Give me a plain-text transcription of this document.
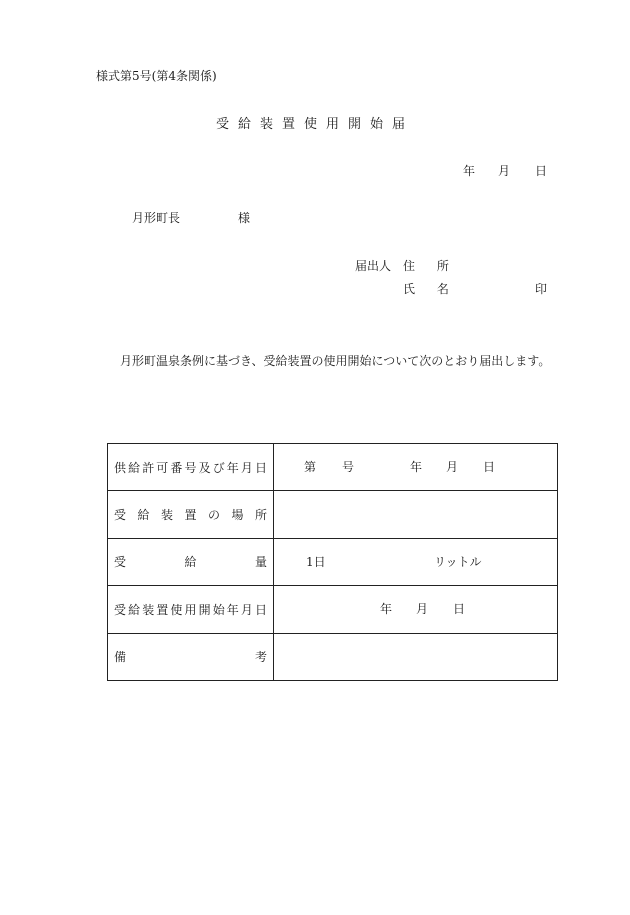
様式第5号(第4条関係)
受給装置使用開始届
年 月 日
月形町長	様
届出人 住 所
氏 名	印
月形町温泉条例に基づき、受給装置の使用開始について次のとおり届出します。
供給許可番号及び年月日	第 号 年 月 日

受給装置の場所	

受給量	1日 リットル

受給装置使用開始年月日	年 月 日

備考	
